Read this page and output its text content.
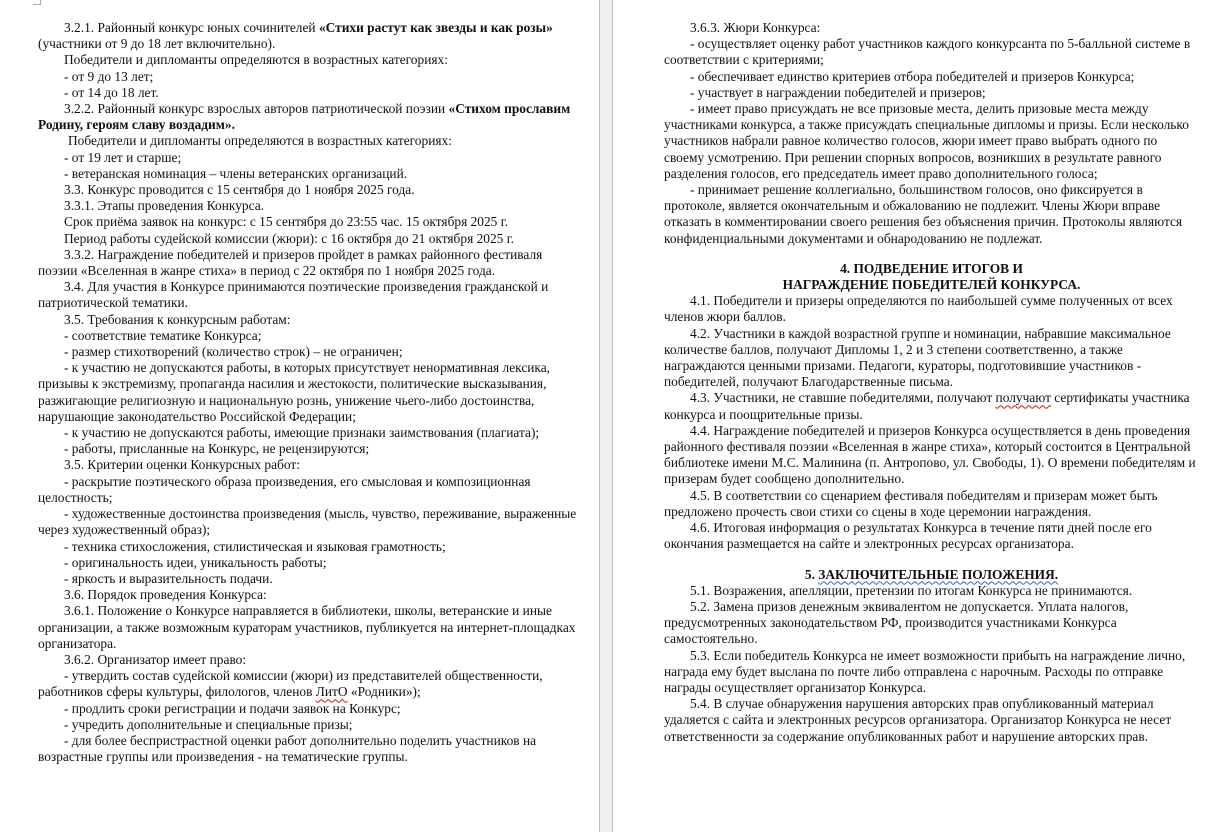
3.2.1. Районный конкурс юных сочинителей «Стихи растут как звезды и как розы» (участники от 9 до 18 лет включительно).

Победители и дипломанты определяются в возрастных категориях:

- от 9 до 13 лет;

- от 14 до 18 лет.

3.2.2. Районный конкурс взрослых авторов патриотической поэзии «Стихом прославим Родину, героям славу воздадим».

Победители и дипломанты определяются в возрастных категориях:

- от 19 лет и старше;

- ветеранская номинация – члены ветеранских организаций.

3.3. Конкурс проводится с 15 сентября до 1 ноября 2025 года.

3.3.1. Этапы проведения Конкурса.

Срок приёма заявок на конкурс: с 15 сентября до 23:55 час. 15 октября 2025 г.

Период работы судейской комиссии (жюри): с 16 октября до 21 октября 2025 г.

3.3.2. Награждение победителей и призеров пройдет в рамках районного фестиваля поэзии «Вселенная в жанре стиха» в период с 22 октября по 1 ноября 2025 года.

3.4. Для участия в Конкурсе принимаются поэтические произведения гражданской и патриотической тематики.

3.5. Требования к конкурсным работам:

- соответствие тематике Конкурса;

- размер стихотворений (количество строк) – не ограничен;

- к участию не допускаются работы, в которых присутствует ненормативная лексика, призывы к экстремизму, пропаганда насилия и жестокости, политические высказывания, разжигающие религиозную и национальную рознь, унижение чьего-либо достоинства, нарушающие законодательство Российской Федерации;

- к участию не допускаются работы, имеющие признаки заимствования (плагиата);

- работы, присланные на Конкурс, не рецензируются;

3.5. Критерии оценки Конкурсных работ:

- раскрытие поэтического образа произведения, его смысловая и композиционная целостность;

- художественные достоинства произведения (мысль, чувство, переживание, выраженные через художественный образ);

- техника стихосложения, стилистическая и языковая грамотность;

- оригинальность идеи, уникальность работы;

- яркость и выразительность подачи.

3.6. Порядок проведения Конкурса:

3.6.1. Положение о Конкурсе направляется в библиотеки, школы, ветеранские и иные организации, а также возможным кураторам участников, публикуется на интернет-площадках организатора.

3.6.2. Организатор имеет право:

- утвердить состав судейской комиссии (жюри) из представителей общественности, работников сферы культуры, филологов, членов ЛитО «Родники»);

- продлить сроки регистрации и подачи заявок на Конкурс;

- учредить дополнительные и специальные призы;

- для более беспристрастной оценки работ дополнительно поделить участников на возрастные группы или произведения - на тематические группы.

3.6.3. Жюри Конкурса:

- осуществляет оценку работ участников каждого конкурсанта по 5-балльной системе в соответствии с критериями;

- обеспечивает единство критериев отбора победителей и призеров Конкурса;

- участвует в награждении победителей и призеров;

- имеет право присуждать не все призовые места, делить призовые места между участниками конкурса, а также присуждать специальные дипломы и призы. Если несколько участников набрали равное количество голосов, жюри имеет право выбрать одного по своему усмотрению. При решении спорных вопросов, возникших в результате равного разделения голосов, его председатель имеет право дополнительного голоса;

- принимает решение коллегиально, большинством голосов, оно фиксируется в протоколе, является окончательным и обжалованию не подлежит. Члены Жюри вправе отказать в комментировании своего решения без объяснения причин. Протоколы являются конфиденциальными документами и обнародованию не подлежат.

4. ПОДВЕДЕНИЕ ИТОГОВ И
НАГРАЖДЕНИЕ ПОБЕДИТЕЛЕЙ КОНКУРСА.

4.1. Победители и призеры определяются по наибольшей сумме полученных от всех членов жюри баллов.

4.2. Участники в каждой возрастной группе и номинации, набравшие максимальное количестве баллов, получают Дипломы 1, 2 и 3 степени соответственно, а также награждаются ценными призами. Педагоги, кураторы, подготовившие участников - победителей, получают Благодарственные письма.

4.3. Участники, не ставшие победителями, получают получают сертификаты участника конкурса и поощрительные призы.

4.4. Награждение победителей и призеров Конкурса осуществляется в день проведения районного фестиваля поэзии «Вселенная в жанре стиха», который состоится в Центральной библиотеке имени М.С. Малинина (п. Антропово, ул. Свободы, 1). О времени победителям и призерам будет сообщено дополнительно.

4.5. В соответствии со сценарием фестиваля победителям и призерам может быть предложено прочесть свои стихи со сцены в ходе церемонии награждения.

4.6. Итоговая информация о результатах Конкурса в течение пяти дней после его окончания размещается на сайте и электронных ресурсах организатора.

5. ЗАКЛЮЧИТЕЛЬНЫЕ ПОЛОЖЕНИЯ.

5.1. Возражения, апелляции, претензии по итогам Конкурса не принимаются.

5.2. Замена призов денежным эквивалентом не допускается. Уплата налогов, предусмотренных законодательством РФ, производится участниками Конкурса самостоятельно.

5.3. Если победитель Конкурса не имеет возможности прибыть на награждение лично, награда ему будет выслана по почте либо отправлена с нарочным. Расходы по отправке награды осуществляет организатор Конкурса.

5.4. В случае обнаружения нарушения авторских прав опубликованный материал удаляется с сайта и электронных ресурсов организатора. Организатор Конкурса не несет ответственности за содержание опубликованных работ и нарушение авторских прав.
